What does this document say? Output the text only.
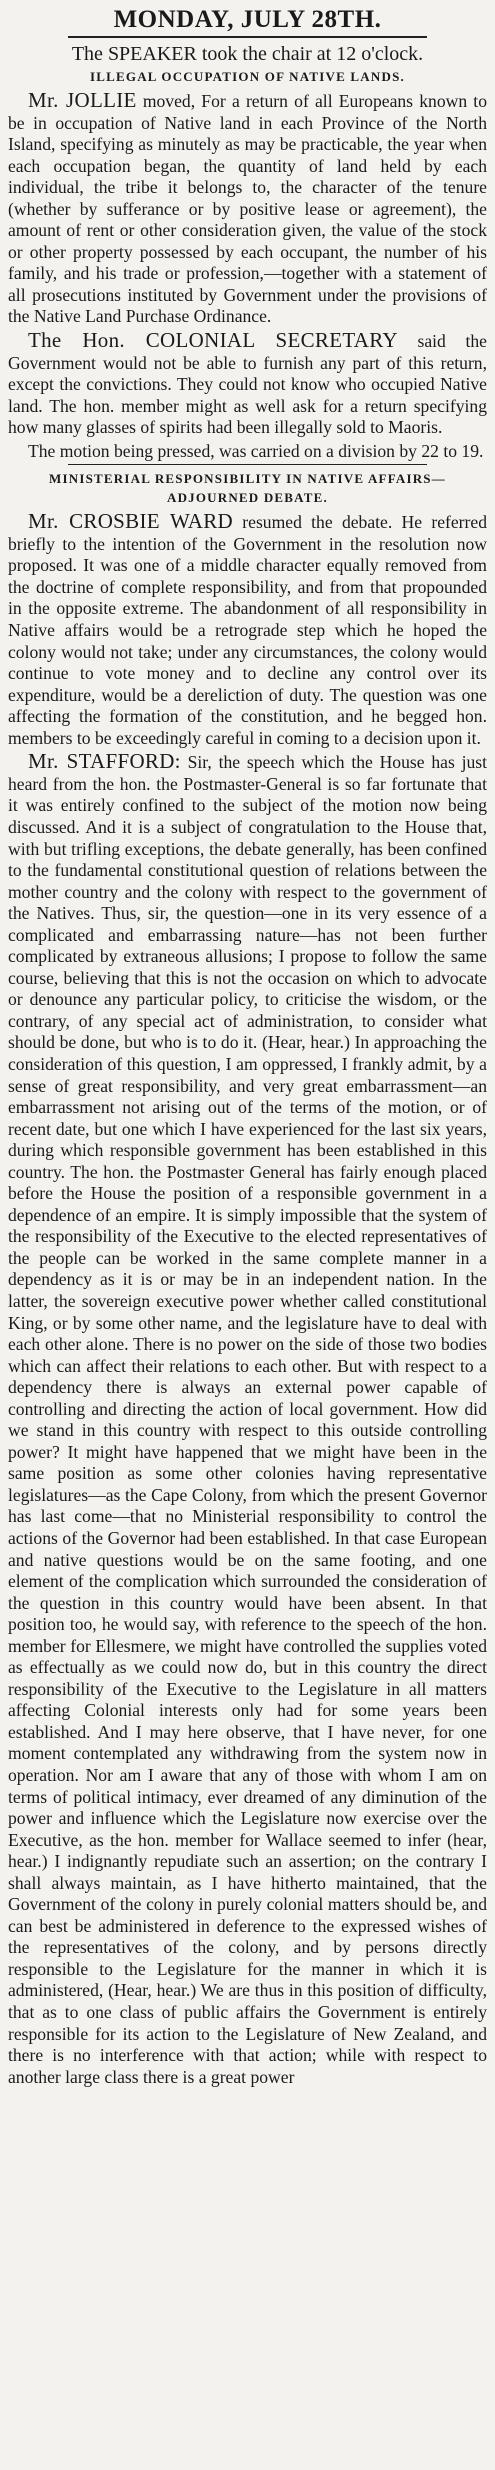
MONDAY, JULY 28TH.
The SPEAKER took the chair at 12 o'clock.
ILLEGAL OCCUPATION OF NATIVE LANDS.

Mr. JOLLIE moved, For a return of all Europeans known to be in occupation of Native land in each Province of the North Island, specifying as minutely as may be practicable, the year when each occupation began, the quantity of land held by each individual, the tribe it belongs to, the character of the tenure (whether by sufferance or by positive lease or agreement), the amount of rent or other consideration given, the value of the stock or other property possessed by each occupant, the number of his family, and his trade or profession,—together with a statement of all prosecutions instituted by Government under the provisions of the Native Land Purchase Ordinance.

The Hon. COLONIAL SECRETARY said the Government would not be able to furnish any part of this return, except the convictions. They could not know who occupied Native land. The hon. member might as well ask for a return specifying how many glasses of spirits had been illegally sold to Maoris.

The motion being pressed, was carried on a division by 22 to 19.

MINISTERIAL RESPONSIBILITY IN NATIVE AFFAIRS—ADJOURNED DEBATE.

Mr. CROSBIE WARD resumed the debate. He referred briefly to the intention of the Government in the resolution now proposed. It was one of a middle character equally removed from the doctrine of complete responsibility, and from that propounded in the opposite extreme. The abandonment of all responsibility in Native affairs would be a retrograde step which he hoped the colony would not take; under any circumstances, the colony would continue to vote money and to decline any control over its expenditure, would be a dereliction of duty. The question was one affecting the formation of the constitution, and he begged hon. members to be exceedingly careful in coming to a decision upon it.

Mr. STAFFORD: Sir, the speech which the House has just heard from the hon. the Postmaster-General is so far fortunate that it was entirely confined to the subject of the motion now being discussed. And it is a subject of congratulation to the House that, with but trifling exceptions, the debate generally, has been confined to the fundamental constitutional question of relations between the mother country and the colony with respect to the government of the Natives. Thus, sir, the question—one in its very essence of a complicated and embarrassing nature—has not been further complicated by extraneous allusions; I propose to follow the same course, believing that this is not the occasion on which to advocate or denounce any particular policy, to criticise the wisdom, or the contrary, of any special act of administration, to consider what should be done, but who is to do it. (Hear, hear.) In approaching the consideration of this question, I am oppressed, I frankly admit, by a sense of great responsibility, and very great embarrassment—an embarrassment not arising out of the terms of the motion, or of recent date, but one which I have experienced for the last six years, during which responsible government has been established in this country. The hon. the Postmaster General has fairly enough placed before the House the position of a responsible government in a dependence of an empire. It is simply impossible that the system of the responsibility of the Executive to the elected representatives of the people can be worked in the same complete manner in a dependency as it is or may be in an independent nation. In the latter, the sovereign executive power whether called constitutional King, or by some other name, and the legislature have to deal with each other alone. There is no power on the side of those two bodies which can affect their relations to each other. But with respect to a dependency there is always an external power capable of controlling and directing the action of local government. How did we stand in this country with respect to this outside controlling power? It might have happened that we might have been in the same position as some other colonies having representative legislatures—as the Cape Colony, from which the present Governor has last come—that no Ministerial responsibility to control the actions of the Governor had been established. In that case European and native questions would be on the same footing, and one element of the complication which surrounded the consideration of the question in this country would have been absent. In that position too, he would say, with reference to the speech of the hon. member for Ellesmere, we might have controlled the supplies voted as effectually as we could now do, but in this country the direct responsibility of the Executive to the Legislature in all matters affecting Colonial interests only had for some years been established. And I may here observe, that I have never, for one moment contemplated any withdrawing from the system now in operation. Nor am I aware that any of those with whom I am on terms of political intimacy, ever dreamed of any diminution of the power and influence which the Legislature now exercise over the Executive, as the hon. member for Wallace seemed to infer (hear, hear.) I indignantly repudiate such an assertion; on the contrary I shall always maintain, as I have hitherto maintained, that the Government of the colony in purely colonial matters should be, and can best be administered in deference to the expressed wishes of the representatives of the colony, and by persons directly responsible to the Legislature for the manner in which it is administered, (Hear, hear.) We are thus in this position of difficulty, that as to one class of public affairs the Government is entirely responsible for its action to the Legislature of New Zealand, and there is no interference with that action; while with respect to another large class there is a great power
